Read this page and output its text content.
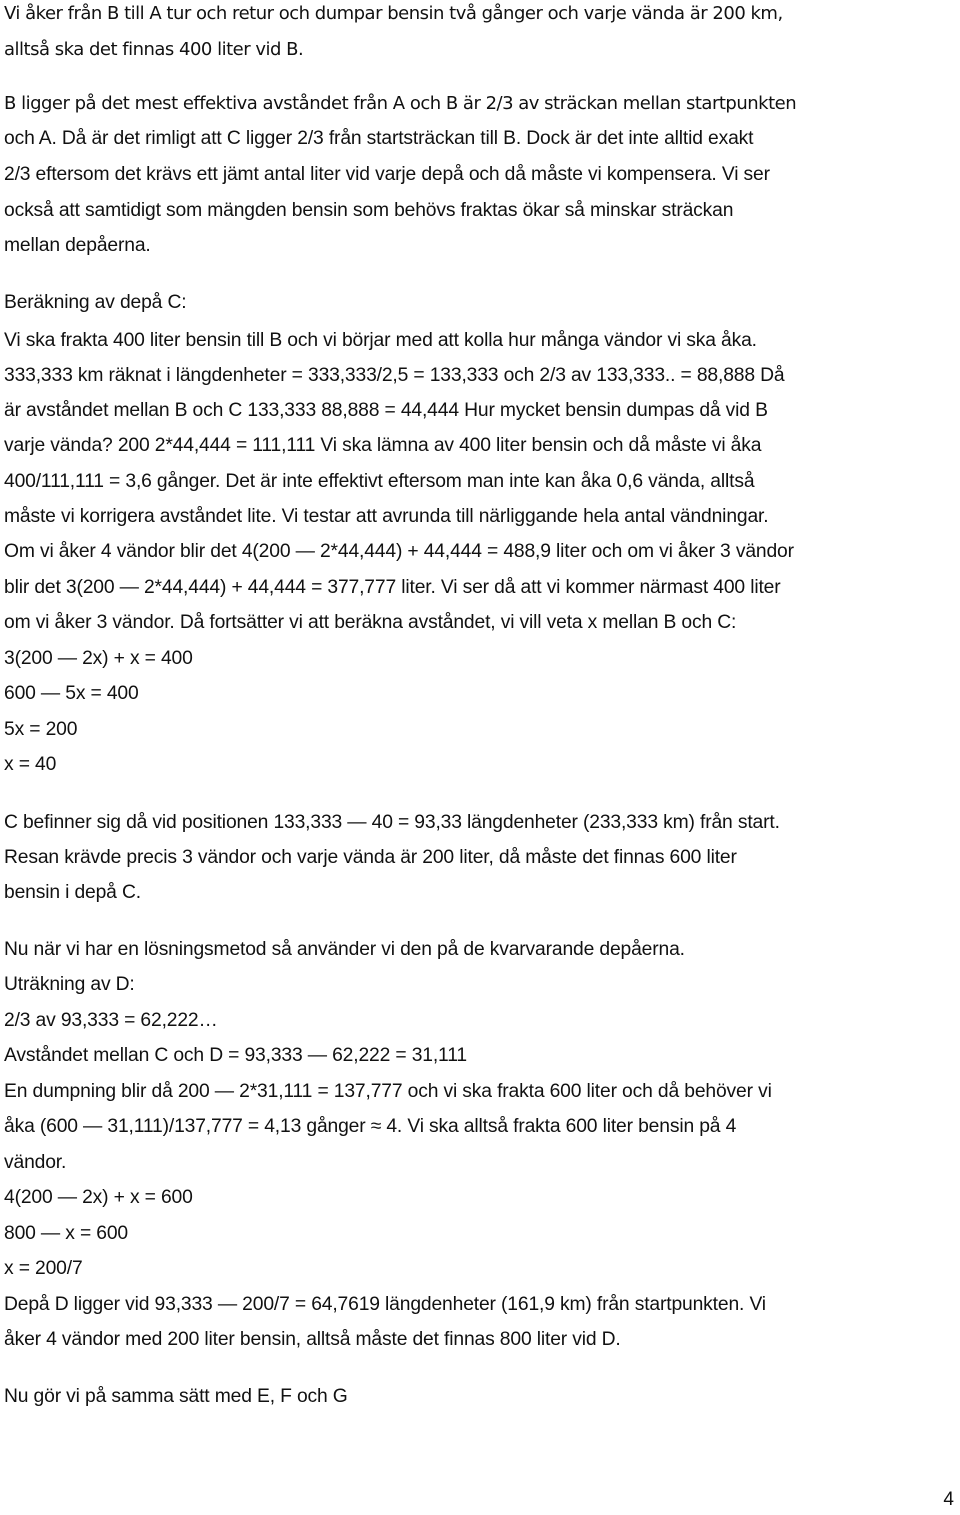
Vi åker från B till A tur och retur och dumpar bensin två gånger och varje vända är 200 km,
alltså ska det finnas 400 liter vid B.
B ligger på det mest effektiva avståndet från A och B är 2/3 av sträckan mellan startpunkten
och A. Då är det rimligt att C ligger 2/3 från startsträckan till B. Dock är det inte alltid exakt
2/3 eftersom det krävs ett jämt antal liter vid varje depå och då måste vi kompensera. Vi ser
också att samtidigt som mängden bensin som behövs fraktas ökar så minskar sträckan
mellan depåerna.
Beräkning av depå C:
Vi ska frakta 400 liter bensin till B och vi börjar med att kolla hur många vändor vi ska åka.
333,333 km räknat i längdenheter = 333,333/2,5 = 133,333 och 2/3 av 133,333.. = 88,888 Då
är avståndet mellan B och C 133,333 88,888 = 44,444 Hur mycket bensin dumpas då vid B
varje vända? 200 2*44,444 = 111,111 Vi ska lämna av 400 liter bensin och då måste vi åka
400/111,111 = 3,6 gånger. Det är inte effektivt eftersom man inte kan åka 0,6 vända, alltså
måste vi korrigera avståndet lite. Vi testar att avrunda till närliggande hela antal vändningar.
Om vi åker 4 vändor blir det 4(200 — 2*44,444) + 44,444 = 488,9 liter och om vi åker 3 vändor
blir det 3(200 — 2*44,444) + 44,444 = 377,777 liter. Vi ser då att vi kommer närmast 400 liter
om vi åker 3 vändor. Då fortsätter vi att beräkna avståndet, vi vill veta x mellan B och C:
3(200 — 2x) + x = 400
600 — 5x = 400
5x = 200
x = 40
C befinner sig då vid positionen 133,333 — 40 = 93,33 längdenheter (233,333 km) från start.
Resan krävde precis 3 vändor och varje vända är 200 liter, då måste det finnas 600 liter
bensin i depå C.
Nu när vi har en lösningsmetod så använder vi den på de kvarvarande depåerna.
Uträkning av D:
2/3 av 93,333 = 62,222…
Avståndet mellan C och D = 93,333 — 62,222 = 31,111
En dumpning blir då 200 — 2*31,111 = 137,777 och vi ska frakta 600 liter och då behöver vi
åka (600 — 31,111)/137,777 = 4,13 gånger ≈ 4. Vi ska alltså frakta 600 liter bensin på 4
vändor.
4(200 — 2x) + x = 600
800 — x = 600
x = 200/7
Depå D ligger vid 93,333 — 200/7 = 64,7619 längdenheter (161,9 km) från startpunkten. Vi
åker 4 vändor med 200 liter bensin, alltså måste det finnas 800 liter vid D.
Nu gör vi på samma sätt med E, F och G
4
